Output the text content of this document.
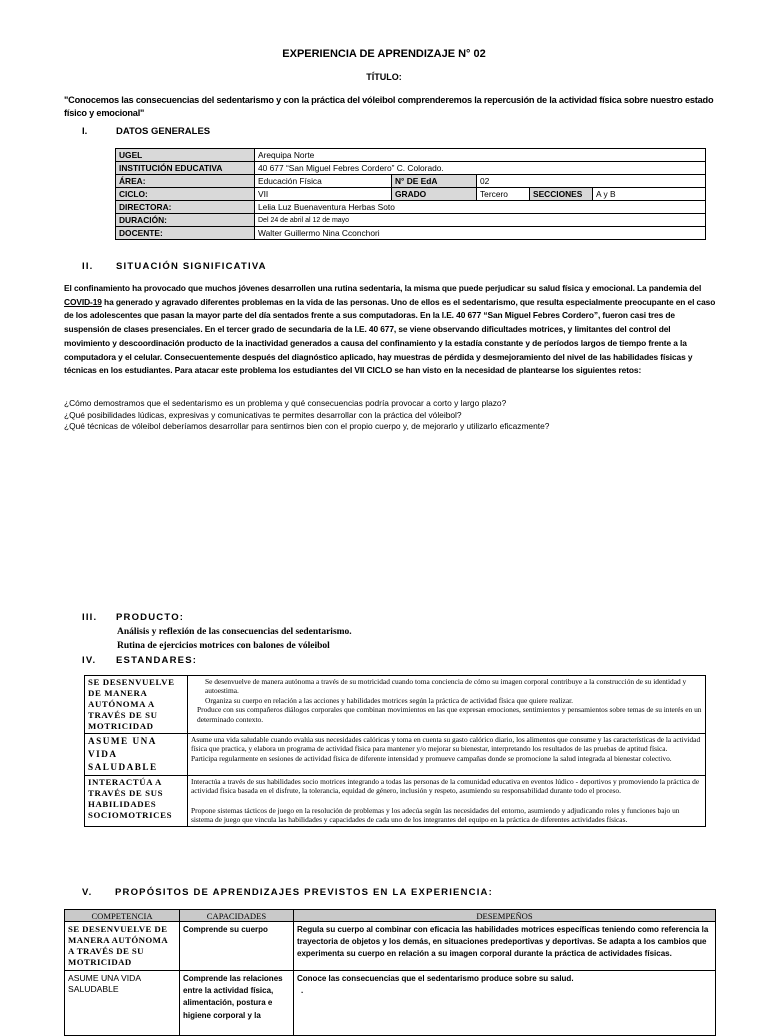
EXPERIENCIA DE APRENDIZAJE N° 02
TÍTULO:
"Conocemos las consecuencias del sedentarismo y con la práctica del vóleibol comprenderemos la repercusión de la actividad física sobre nuestro estado físico y emocional"
I.	DATOS GENERALES
UGEL	Arequipa Norte				
INSTITUCIÓN EDUCATIVA	40 677 “San Miguel Febres Cordero” C. Colorado.				
ÁREA:	Educación Física	N° DE EdA	02		
CICLO:	VII	GRADO	Tercero	SECCIONES	A y B
DIRECTORA:	Lelia Luz Buenaventura Herbas Soto				
DURACIÓN:	Del 24 de abril al 12 de mayo				
DOCENTE:	Walter Guillermo Nina Cconchori				
II. SITUACIÓN SIGNIFICATIVA
El confinamiento ha provocado que muchos jóvenes desarrollen una rutina sedentaria, la misma que puede perjudicar su salud física y emocional. La pandemia del COVID-19 ha generado y agravado diferentes problemas en la vida de las personas. Uno de ellos es el sedentarismo, que resulta especialmente preocupante en el caso de los adolescentes que pasan la mayor parte del día sentados frente a sus computadoras. En la I.E. 40 677 “San Miguel Febres Cordero”, fueron casi tres de suspensión de clases presenciales. En el tercer grado de secundaria de la I.E. 40 677, se viene observando dificultades motrices, y limitantes del control del movimiento y descoordinación producto de la inactividad generados a causa del confinamiento y la estadía constante y de períodos largos de tiempo frente a la computadora y el celular. Consecuentemente después del diagnóstico aplicado, hay muestras de pérdida y desmejoramiento del nivel de las habilidades físicas y técnicas en los estudiantes. Para atacar este problema los estudiantes del VII CICLO se han visto en la necesidad de plantearse los siguientes retos:
¿Cómo demostramos que el sedentarismo es un problema y qué consecuencias podría provocar a corto y largo plazo?
¿Qué posibilidades lúdicas, expresivas y comunicativas te permites desarrollar con la práctica del vóleibol?
¿Qué técnicas de vóleibol deberíamos desarrollar para sentirnos bien con el propio cuerpo y, de mejorarlo y utilizarlo eficazmente?
III. PRODUCTO:
Análisis y reflexión de las consecuencias del sedentarismo.
Rutina de ejercicios motrices con balones de vóleibol
IV. ESTANDARES:
SE DESENVUELVE DE MANERA AUTÓNOMA A TRAVÉS DE SU MOTRICIDAD	Se desenvuelve de manera autónoma a través de su motricidad cuando toma conciencia de cómo su imagen corporal contribuye a la construcción de su identidad y autoestima.

Organiza su cuerpo en relación a las acciones y habilidades motrices según la práctica de actividad física que quiere realizar.

Produce con sus compañeros diálogos corporales que combinan movimientos en las que expresan emociones, sentimientos y pensamientos sobre temas de su interés en un determinado contexto.

ASUME UNA VIDA SALUDABLE	Asume una vida saludable cuando evalúa sus necesidades calóricas y toma en cuenta su gasto calórico diario, los alimentos que consume y las características de la actividad física que practica, y elabora un programa de actividad física para mantener y/o mejorar su bienestar, interpretando los resultados de las pruebas de aptitud física.

Participa regularmente en sesiones de actividad física de diferente intensidad y promueve campañas donde se promocione la salud integrada al bienestar colectivo.

INTERACTÚA A TRAVÉS DE SUS HABILIDADES SOCIOMOTRICES	Interactúa a través de sus habilidades socio motrices integrando a todas las personas de la comunidad educativa en eventos lúdico - deportivos y promoviendo la práctica de actividad física basada en el disfrute, la tolerancia, equidad de género, inclusión y respeto, asumiendo su responsabilidad durante todo el proceso.

Propone sistemas tácticos de juego en la resolución de problemas y los adecúa según las necesidades del entorno, asumiendo y adjudicando roles y funciones bajo un sistema de juego que vincula las habilidades y capacidades de cada uno de los integrantes del equipo en la práctica de diferentes actividades físicas.

V. PROPÓSITOS DE APRENDIZAJES PREVISTOS EN LA EXPERIENCIA:
COMPETENCIA	CAPACIDADES	DESEMPEÑOS
SE DESENVUELVE DE MANERA AUTÓNOMA A TRAVÉS DE SU MOTRICIDAD	Comprende su cuerpo	Regula su cuerpo al combinar con eficacia las habilidades motrices específicas teniendo como referencia la trayectoria de objetos y los demás, en situaciones predeportivas y deportivas. Se adapta a los cambios que experimenta su cuerpo en relación a su imagen corporal durante la práctica de actividades físicas.
ASUME UNA VIDA SALUDABLE	Comprende las relaciones entre la actividad física, alimentación, postura e higiene corporal y la	Conoce las consecuencias que el sedentarismo produce sobre su salud.
.
